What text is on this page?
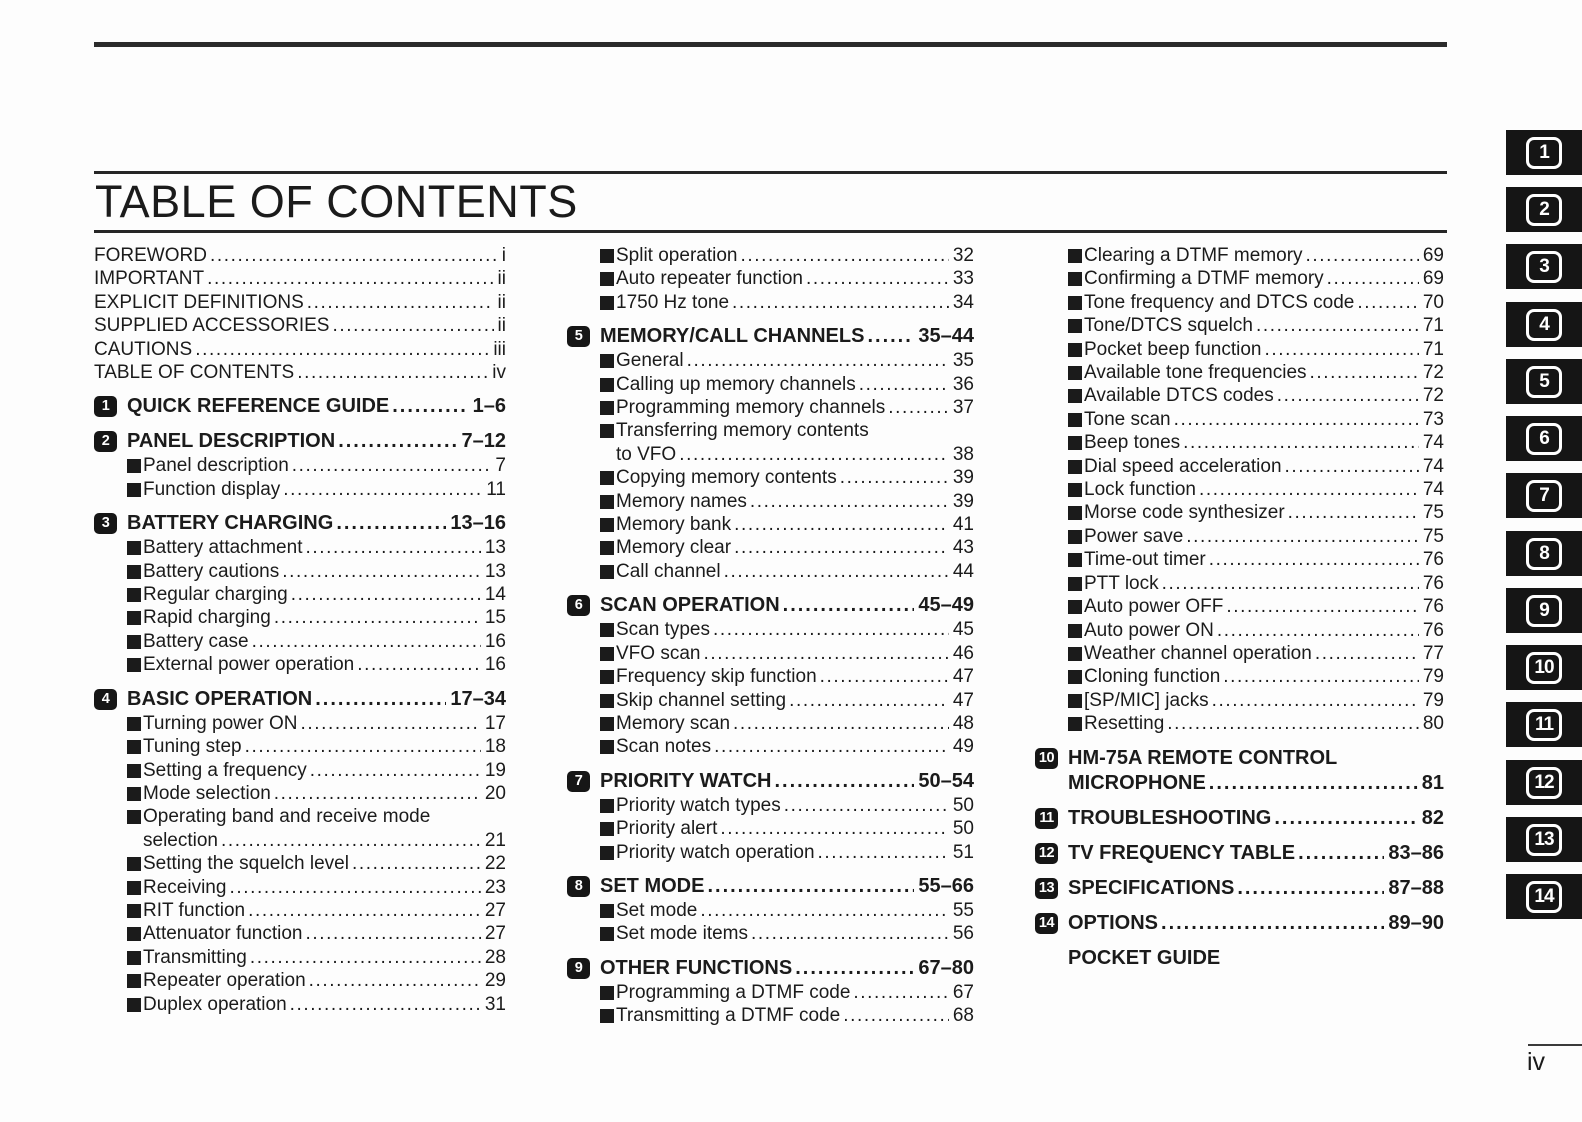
TABLE OF CONTENTS
FOREWORD .....	i
IMPORTANT .....	ii
EXPLICIT DEFINITIONS .....	ii
SUPPLIED ACCESSORIES .....	ii
CAUTIONS .....	iii
TABLE OF CONTENTS .....	iv
1 QUICK REFERENCE GUIDE .....	1–6
2 PANEL DESCRIPTION .....	7–12
Panel description .....	7
Function display .....	11
3 BATTERY CHARGING .....	13–16
Battery attachment .....	13
Battery cautions .....	13
Regular charging .....	14
Rapid charging .....	15
Battery case .....	16
External power operation .....	16
4 BASIC OPERATION .....	17–34
Turning power ON .....	17
Tuning step .....	18
Setting a frequency .....	19
Mode selection .....	20
Operating band and receive mode
selection .....	21
Setting the squelch level .....	22
Receiving .....	23
RIT function .....	27
Attenuator function .....	27
Transmitting .....	28
Repeater operation .....	29
Duplex operation .....	31
Split operation .....	32
Auto repeater function .....	33
1750 Hz tone .....	34
5 MEMORY/CALL CHANNELS .....	35–44
General .....	35
Calling up memory channels .....	36
Programming memory channels .....	37
Transferring memory contents
to VFO .....	38
Copying memory contents .....	39
Memory names .....	39
Memory bank .....	41
Memory clear .....	43
Call channel .....	44
6 SCAN OPERATION .....	45–49
Scan types .....	45
VFO scan .....	46
Frequency skip function .....	47
Skip channel setting .....	47
Memory scan .....	48
Scan notes .....	49
7 PRIORITY WATCH .....	50–54
Priority watch types .....	50
Priority alert .....	50
Priority watch operation .....	51
8 SET MODE .....	55–66
Set mode .....	55
Set mode items .....	56
9 OTHER FUNCTIONS .....	67–80
Programming a DTMF code .....	67
Transmitting a DTMF code .....	68
Clearing a DTMF memory .....	69
Confirming a DTMF memory .....	69
Tone frequency and DTCS code .....	70
Tone/DTCS squelch .....	71
Pocket beep function .....	71
Available tone frequencies .....	72
Available DTCS codes .....	72
Tone scan .....	73
Beep tones .....	74
Dial speed acceleration .....	74
Lock function .....	74
Morse code synthesizer .....	75
Power save .....	75
Time-out timer .....	76
PTT lock .....	76
Auto power OFF .....	76
Auto power ON .....	76
Weather channel operation .....	77
Cloning function .....	79
[SP/MIC] jacks .....	79
Resetting .....	80
10 HM-75A REMOTE CONTROL
MICROPHONE .....	81
11 TROUBLESHOOTING .....	82
12 TV FREQUENCY TABLE .....	83–86
13 SPECIFICATIONS .....	87–88
14 OPTIONS .....	89–90
POCKET GUIDE
1
2
3
4
5
6
7
8
9
10
11
12
13
14
iv
